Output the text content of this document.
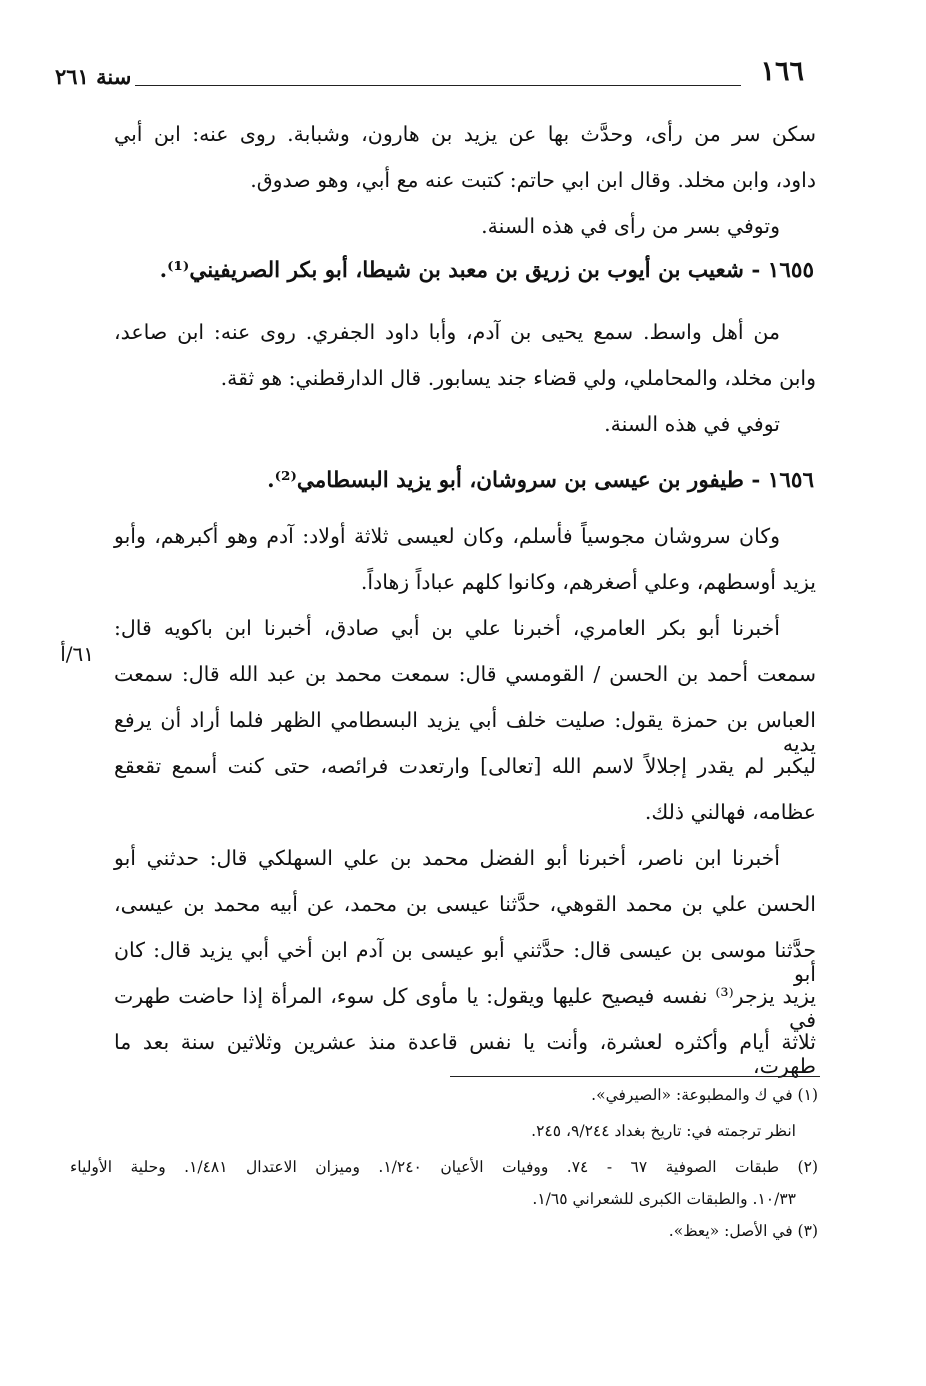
١٦٦
سنة ٢٦١
٦١/أ
سكن سر من رأى، وحدَّث بها عن يزيد بن هارون، وشبابة. روى عنه: ابن أبي
داود، وابن مخلد. وقال ابن ابي حاتم: كتبت عنه مع أبي، وهو صدوق.
وتوفي بسر من رأى في هذه السنة.
١٦٥٥ - شعيب بن أيوب بن زريق بن معبد بن شيطا، أبو بكر الصريفيني⁽¹⁾.
من أهل واسط. سمع يحيى بن آدم، وأبا داود الجفري. روى عنه: ابن صاعد،
وابن مخلد، والمحاملي، ولي قضاء جند يسابور. قال الدارقطني: هو ثقة.
توفي في هذه السنة.
١٦٥٦ - طيفور بن عيسى بن سروشان، أبو يزيد البسطامي⁽²⁾.
وكان سروشان مجوسياً فأسلم، وكان لعيسى ثلاثة أولاد: آدم وهو أكبرهم، وأبو
يزيد أوسطهم، وعلي أصغرهم، وكانوا كلهم عباداً زهاداً.
أخبرنا أبو بكر العامري، أخبرنا علي بن أبي صادق، أخبرنا ابن باكويه قال:
سمعت أحمد بن الحسن / القومسي قال: سمعت محمد بن عبد الله قال: سمعت
العباس بن حمزة يقول: صليت خلف أبي يزيد البسطامي الظهر فلما أراد أن يرفع يديه
ليكبر لم يقدر إجلالاً لاسم الله [تعالى] وارتعدت فرائصه، حتى كنت أسمع تقعقع
عظامه، فهالني ذلك.
أخبرنا ابن ناصر، أخبرنا أبو الفضل محمد بن علي السهلكي قال: حدثني أبو
الحسن علي بن محمد القوهي، حدَّثنا عيسى بن محمد، عن أبيه محمد بن عيسى،
حدَّثنا موسى بن عيسى قال: حدَّثني أبو عيسى بن آدم ابن أخي أبي يزيد قال: كان أبو
يزيد يزجر⁽³⁾ نفسه فيصيح عليها ويقول: يا مأوى كل سوء، المرأة إذا حاضت طهرت في
ثلاثة أيام وأكثره لعشرة، وأنت يا نفس قاعدة منذ عشرين وثلاثين سنة بعد ما طهرت،
(١) في ك والمطبوعة: «الصيرفي».
انظر ترجمته في: تاريخ بغداد ٩/٢٤٤، ٢٤٥.
(٢) طبقات الصوفية ٦٧ - ٧٤. ووفيات الأعيان ١/٢٤٠. وميزان الاعتدال ١/٤٨١. وحلية الأولياء
١٠/٣٣. والطبقات الكبرى للشعراني ١/٦٥.
(٣) في الأصل: «يعظ».
